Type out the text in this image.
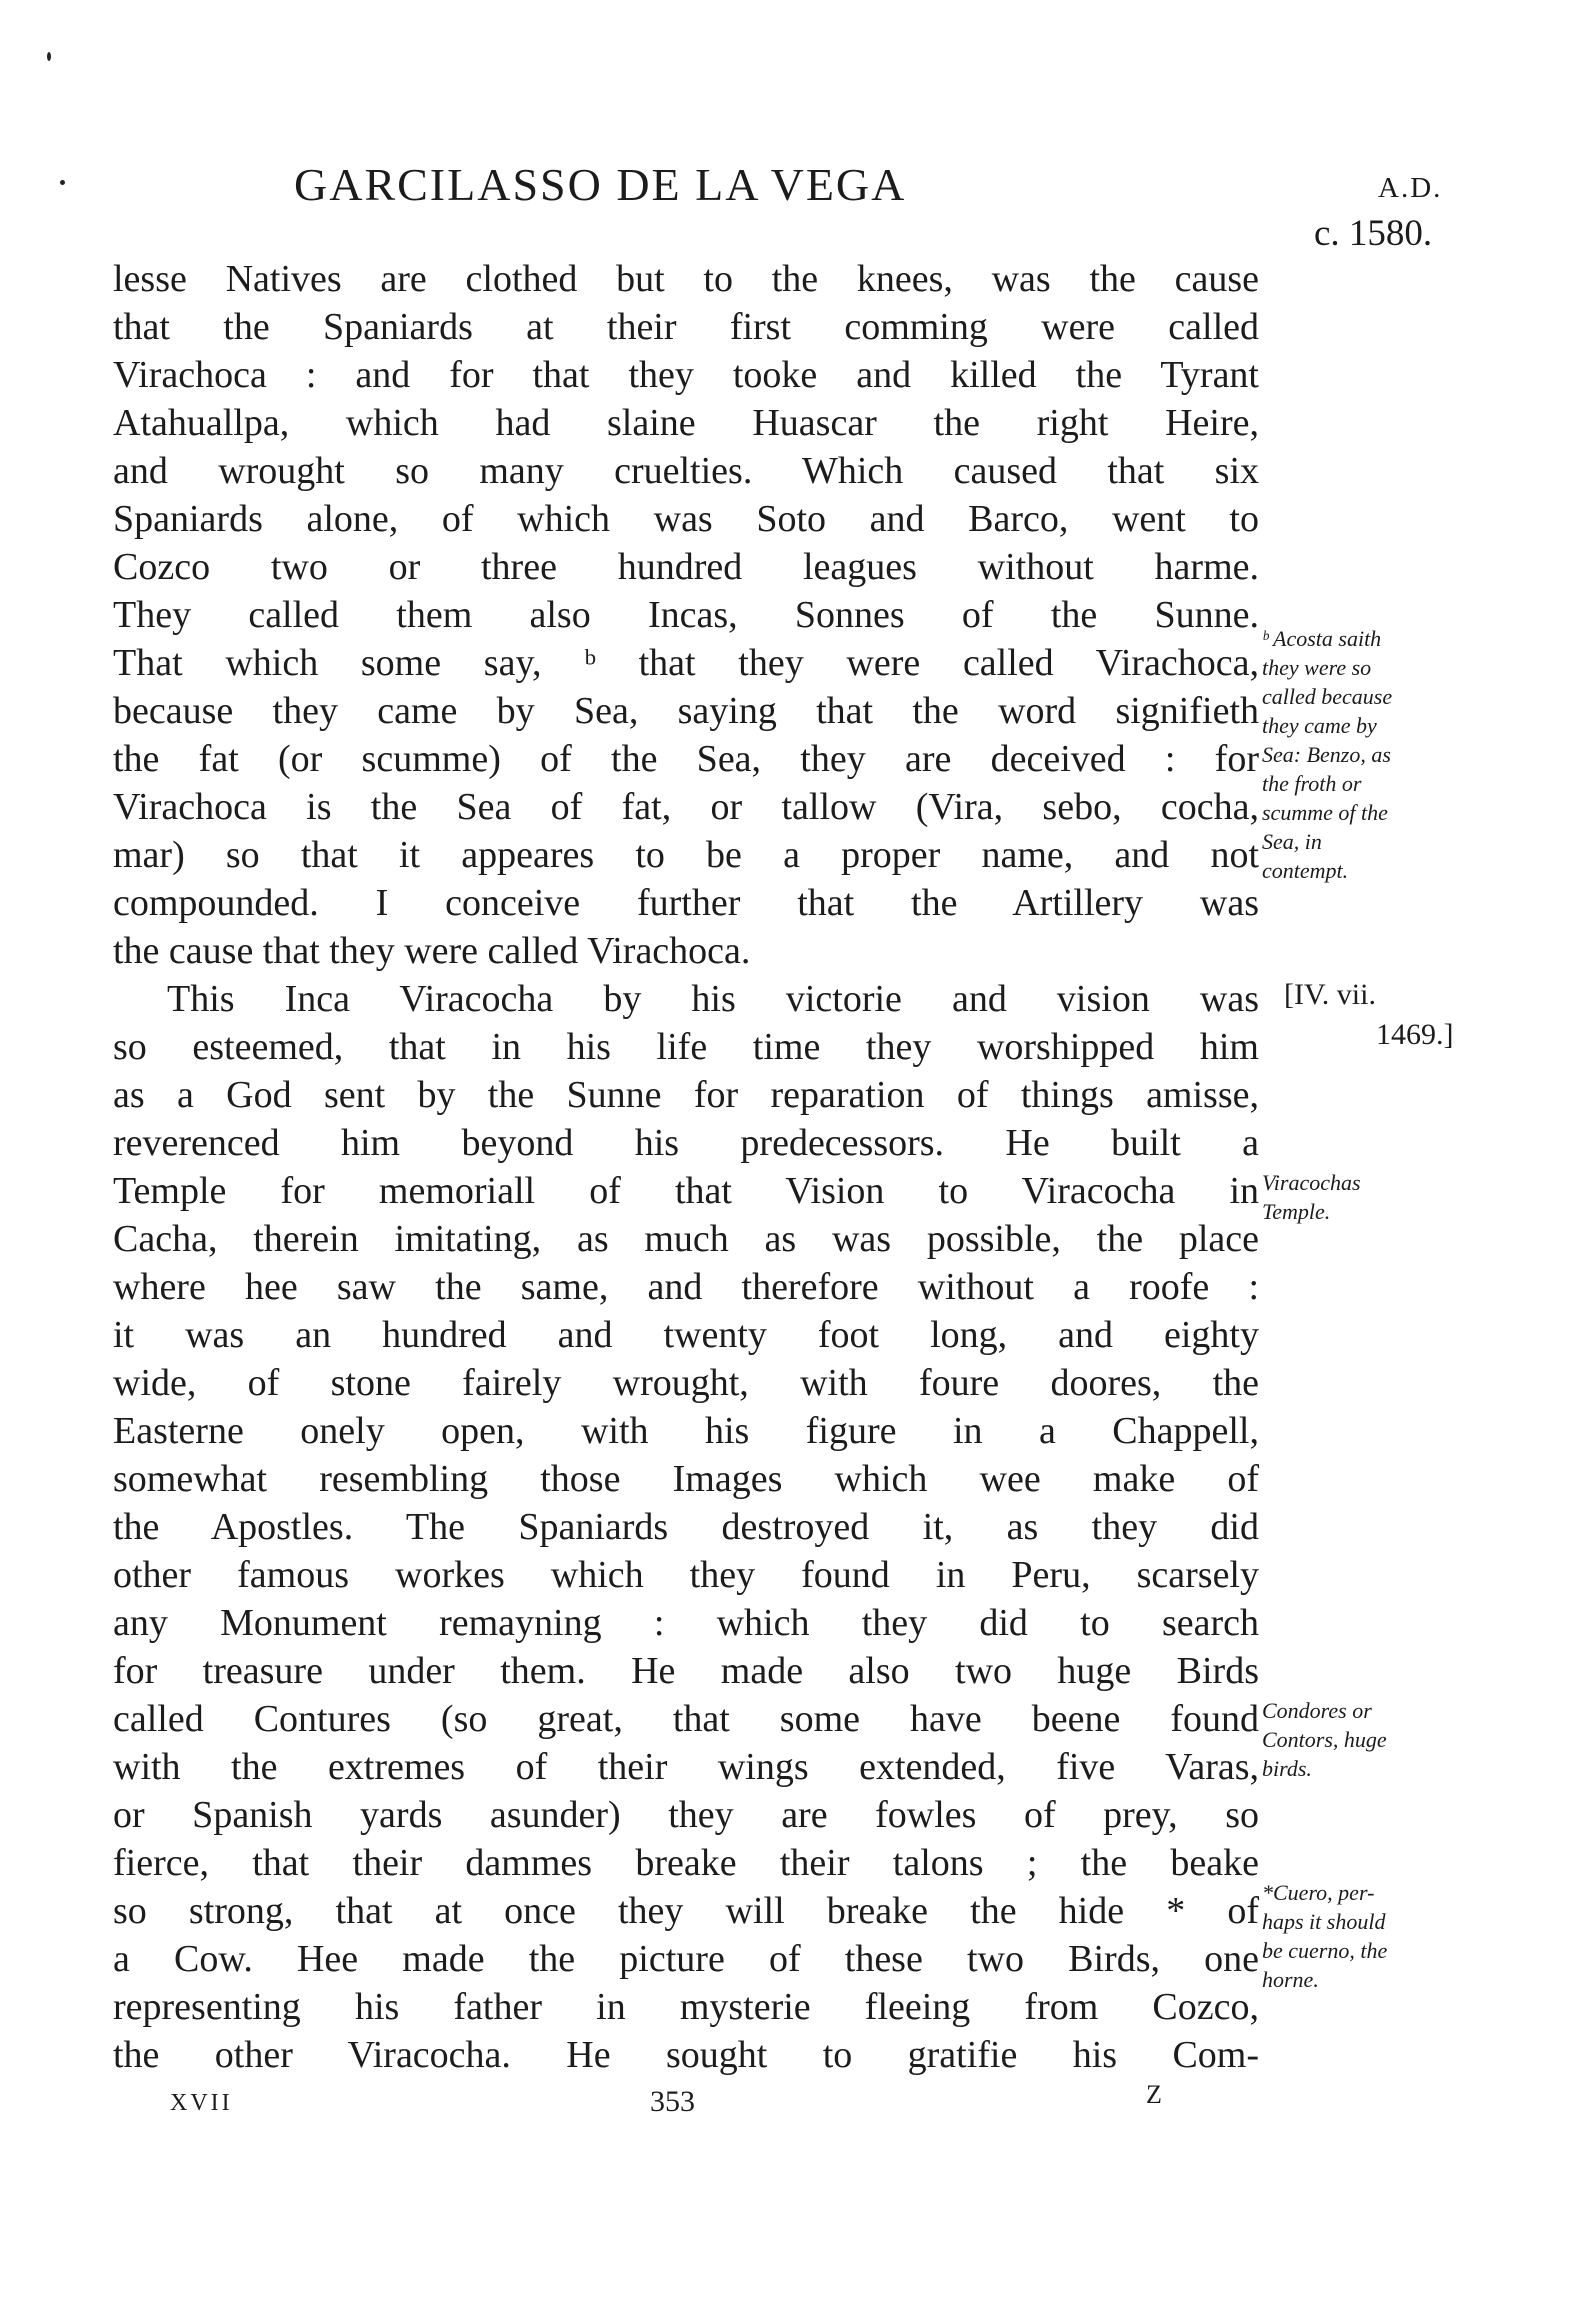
GARCILASSO DE LA VEGA	A.D.
c. 1580.
lesse Natives are clothed but to the knees, was the cause
that the Spaniards at their first comming were called
Virachoca : and for that they tooke and killed the Tyrant
Atahuallpa, which had slaine Huascar the right Heire,
and wrought so many cruelties. Which caused that six
Spaniards alone, of which was Soto and Barco, went to
Cozco two or three hundred leagues without harme.
They called them also Incas, Sonnes of the Sunne.
That which some say, ᵇ that they were called Virachoca,
because they came by Sea, saying that the word signifieth
the fat (or scumme) of the Sea, they are deceived : for
Virachoca is the Sea of fat, or tallow (Vira, sebo, cocha,
mar) so that it appeares to be a proper name, and not
compounded. I conceive further that the Artillery was
the cause that they were called Virachoca.
This Inca Viracocha by his victorie and vision was
so esteemed, that in his life time they worshipped him
as a God sent by the Sunne for reparation of things amisse,
reverenced him beyond his predecessors. He built a
Temple for memoriall of that Vision to Viracocha in
Cacha, therein imitating, as much as was possible, the place
where hee saw the same, and therefore without a roofe :
it was an hundred and twenty foot long, and eighty
wide, of stone fairely wrought, with foure doores, the
Easterne onely open, with his figure in a Chappell,
somewhat resembling those Images which wee make of
the Apostles. The Spaniards destroyed it, as they did
other famous workes which they found in Peru, scarsely
any Monument remayning : which they did to search
for treasure under them. He made also two huge Birds
called Contures (so great, that some have beene found
with the extremes of their wings extended, five Varas,
or Spanish yards asunder) they are fowles of prey, so
fierce, that their dammes breake their talons ; the beake
so strong, that at once they will breake the hide * of
a Cow. Hee made the picture of these two Birds, one
representing his father in mysterie fleeing from Cozco,
the other Viracocha. He sought to gratifie his Com-
ᵇ Acosta saith
they were so
called because
they came by
Sea: Benzo, as
the froth or
scumme of the
Sea, in
contempt.
[IV. vii.
1469.]
Viracochas
Temple.
Condores or
Contors, huge
birds.
*Cuero, per-
haps it should
be cuerno, the
horne.
XVII	353	Z
